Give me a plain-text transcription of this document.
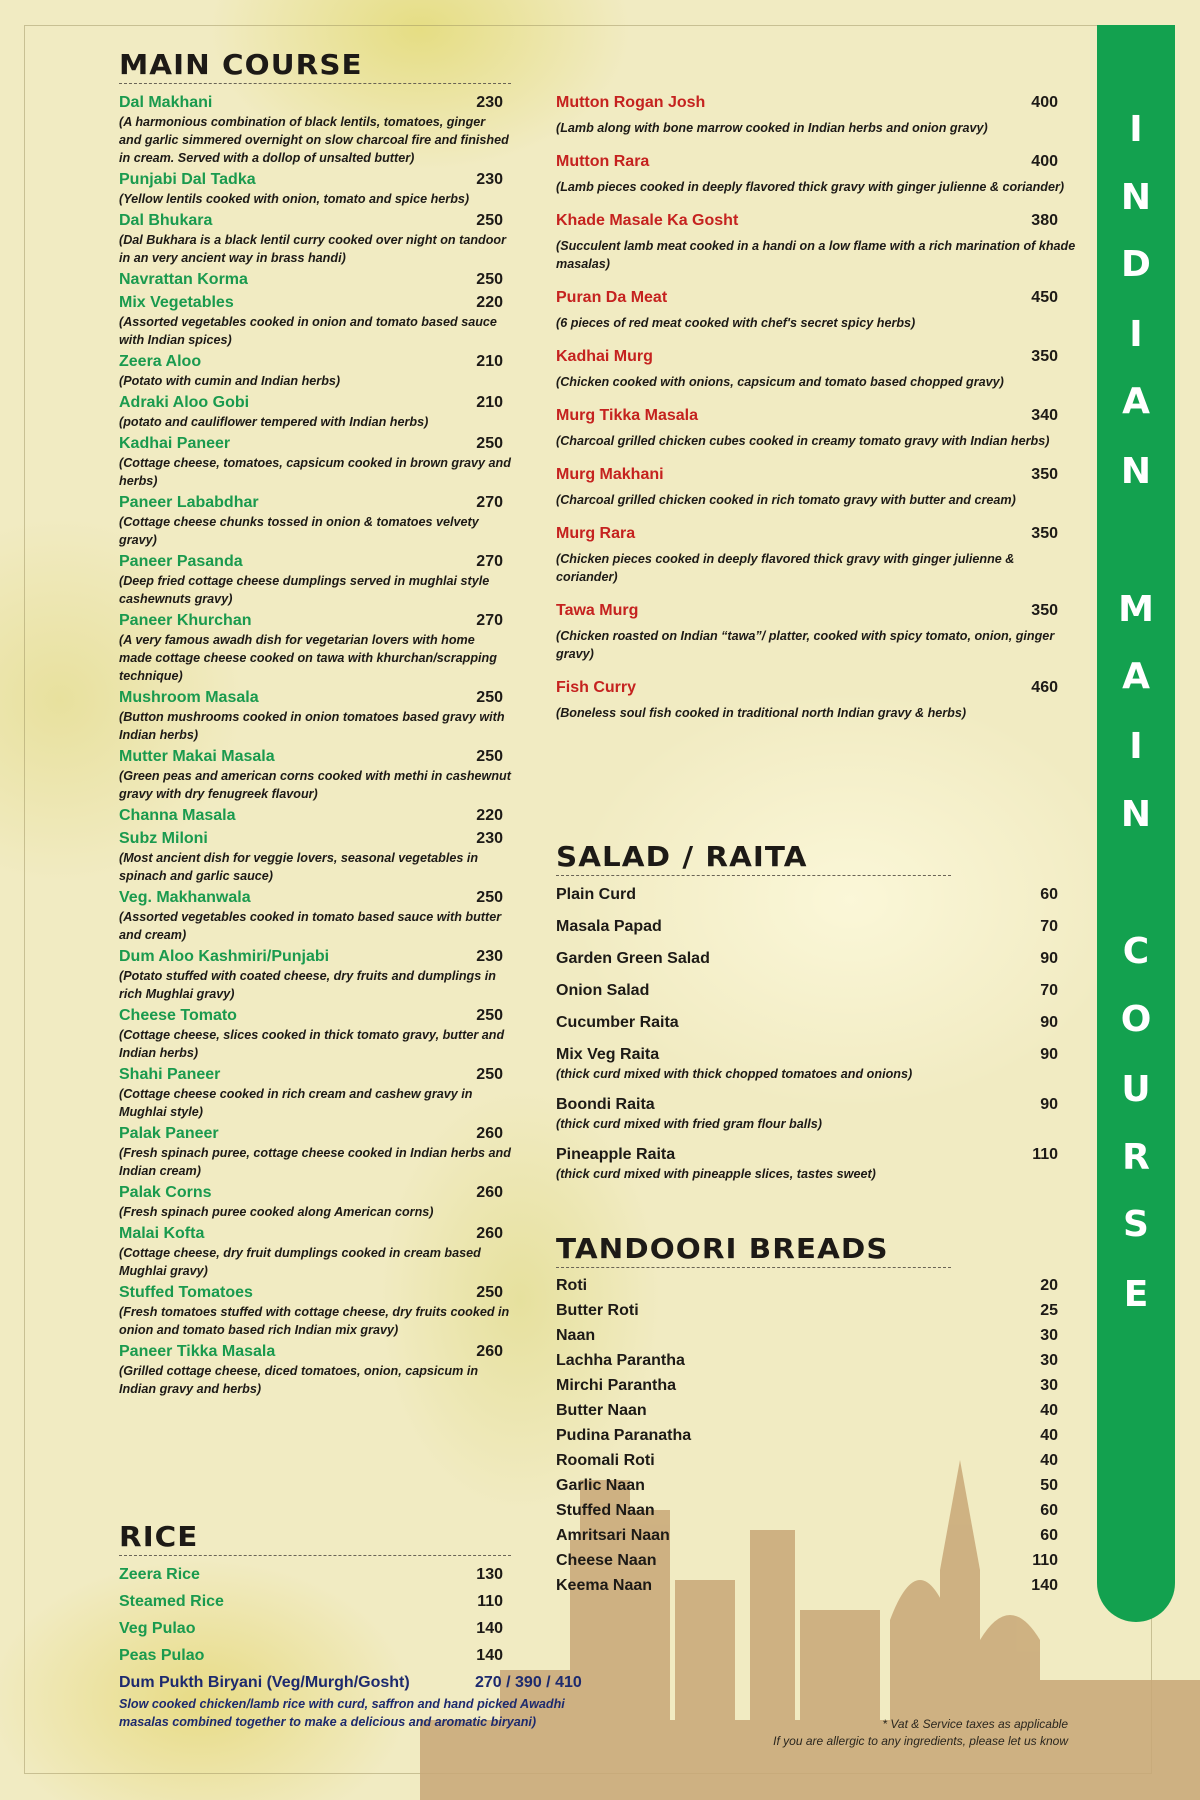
MAIN COURSE
Dal Makhani	230
(A harmonious combination of black lentils, tomatoes, ginger and garlic simmered overnight on slow charcoal fire and finished in cream. Served with a dollop of unsalted butter)
Punjabi Dal Tadka	230
(Yellow lentils cooked with onion, tomato and spice herbs)
Dal Bhukara	250
(Dal Bukhara is a black lentil curry cooked over night on tandoor in an very ancient way in brass handi)
Navrattan Korma	250
Mix Vegetables	220
(Assorted vegetables cooked in onion and tomato based sauce with Indian spices)
Zeera Aloo	210
(Potato with cumin and Indian herbs)
Adraki Aloo Gobi	210
(potato and cauliflower tempered with Indian herbs)
Kadhai Paneer	250
(Cottage cheese, tomatoes, capsicum cooked in brown gravy and herbs)
Paneer Lababdhar	270
(Cottage cheese chunks tossed in onion & tomatoes velvety gravy)
Paneer Pasanda	270
(Deep fried cottage cheese dumplings served in mughlai style cashewnuts gravy)
Paneer Khurchan	270
(A very famous awadh dish for vegetarian lovers with home made cottage cheese cooked on tawa with khurchan/scrapping technique)
Mushroom Masala	250
(Button mushrooms cooked in onion tomatoes based gravy with Indian herbs)
Mutter Makai Masala	250
(Green peas and american corns cooked with methi in cashewnut gravy with dry fenugreek flavour)
Channa Masala	220
Subz Miloni	230
(Most ancient dish for veggie lovers, seasonal vegetables in spinach and garlic sauce)
Veg. Makhanwala	250
(Assorted vegetables cooked in tomato based sauce with butter and cream)
Dum Aloo Kashmiri/Punjabi	230
(Potato stuffed with coated cheese, dry fruits and dumplings in rich Mughlai gravy)
Cheese Tomato	250
(Cottage cheese, slices cooked in thick tomato gravy, butter and Indian herbs)
Shahi Paneer	250
(Cottage cheese cooked in rich cream and cashew gravy in Mughlai style)
Palak Paneer	260
(Fresh spinach puree, cottage cheese cooked in Indian herbs and Indian cream)
Palak Corns	260
(Fresh spinach puree cooked along American corns)
Malai Kofta	260
(Cottage cheese, dry fruit dumplings cooked in cream based Mughlai gravy)
Stuffed Tomatoes	250
(Fresh tomatoes stuffed with cottage cheese, dry fruits cooked in onion and tomato based rich Indian mix gravy)
Paneer Tikka Masala	260
(Grilled cottage cheese, diced tomatoes, onion, capsicum in Indian gravy and herbs)
RICE
Zeera Rice	130
Steamed Rice	110
Veg Pulao	140
Peas Pulao	140
Dum Pukth Biryani (Veg/Murgh/Gosht)	270 / 390 / 410
Slow cooked chicken/lamb rice with curd, saffron and hand picked Awadhi masalas combined together to make a delicious and aromatic biryani)
Mutton Rogan Josh	400
(Lamb along with bone marrow cooked in Indian herbs and onion gravy)
Mutton Rara	400
(Lamb pieces cooked in deeply flavored thick gravy with ginger julienne & coriander)
Khade Masale Ka Gosht	380
(Succulent lamb meat cooked in a handi on a low flame with a rich marination of khade masalas)
Puran Da Meat	450
(6 pieces of red meat cooked with chef's secret spicy herbs)
Kadhai Murg	350
(Chicken cooked with onions, capsicum and tomato based chopped gravy)
Murg Tikka Masala	340
(Charcoal grilled chicken cubes cooked in creamy tomato gravy with Indian herbs)
Murg Makhani	350
(Charcoal grilled chicken cooked in rich tomato gravy with butter and cream)
Murg Rara	350
(Chicken pieces cooked in deeply flavored thick gravy with ginger julienne & coriander)
Tawa Murg	350
(Chicken roasted on Indian “tawa”/ platter, cooked with spicy tomato, onion, ginger gravy)
Fish Curry	460
(Boneless soul fish cooked in traditional north Indian gravy & herbs)
SALAD / RAITA
Plain Curd	60
Masala Papad	70
Garden Green Salad	90
Onion Salad	70
Cucumber Raita	90
Mix Veg Raita	90
(thick curd mixed with thick chopped tomatoes and onions)
Boondi Raita	90
(thick curd mixed with fried gram flour balls)
Pineapple Raita	110
(thick curd mixed with pineapple slices, tastes sweet)
TANDOORI BREADS
Roti	20
Butter Roti	25
Naan	30
Lachha Parantha	30
Mirchi Parantha	30
Butter Naan	40
Pudina Paranatha	40
Roomali Roti	40
Garlic Naan	50
Stuffed Naan	60
Amritsari Naan	60
Cheese Naan	110
Keema Naan	140
I
N
D
I
A
N
M
A
I
N
C
O
U
R
S
E
* Vat & Service taxes as applicable
If you are allergic to any ingredients, please let us know
